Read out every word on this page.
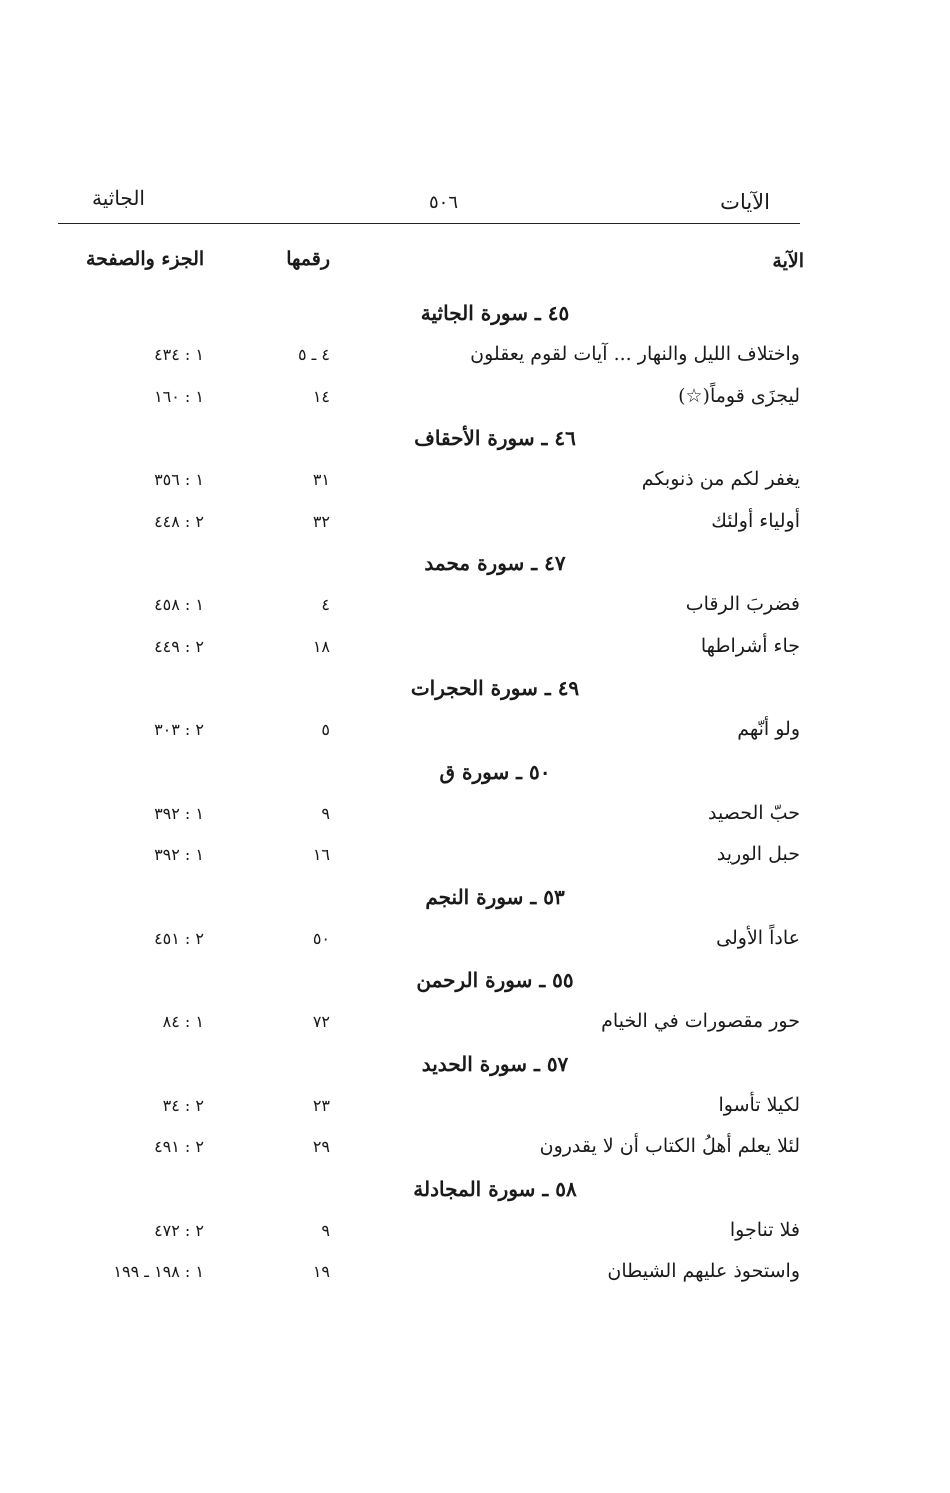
الآيات
٥٠٦
الجاثية
الآية
رقمها
الجزء والصفحة
٤٥ ـ سورة الجاثية
واختلاف الليل والنهار ... آيات لقوم يعقلون
٤ ـ ٥
١ : ٤٣٤
ليجزَى قوماً(☆)
١٤
١ : ١٦٠
٤٦ ـ سورة الأحقاف
يغفر لكم من ذنوبكم
٣١
١ : ٣٥٦
أولياء أولئك
٣٢
٢ : ٤٤٨
٤٧ ـ سورة محمد
فضربَ الرقاب
٤
١ : ٤٥٨
جاء أشراطها
١٨
٢ : ٤٤٩
٤٩ ـ سورة الحجرات
ولو أنّهم
٥
٢ : ٣٠٣
٥٠ ـ سورة ق
حبّ الحصيد
٩
١ : ٣٩٢
حبل الوريد
١٦
١ : ٣٩٢
٥٣ ـ سورة النجم
عاداً الأولى
٥٠
٢ : ٤٥١
٥٥ ـ سورة الرحمن
حور مقصورات في الخيام
٧٢
١ : ٨٤
٥٧ ـ سورة الحديد
لكيلا تأسوا
٢٣
٢ : ٣٤
لئلا يعلم أهلُ الكتاب أن لا يقدرون
٢٩
٢ : ٤٩١
٥٨ ـ سورة المجادلة
فلا تناجوا
٩
٢ : ٤٧٢
واستحوذ عليهم الشيطان
١٩
١ : ١٩٨ ـ ١٩٩
